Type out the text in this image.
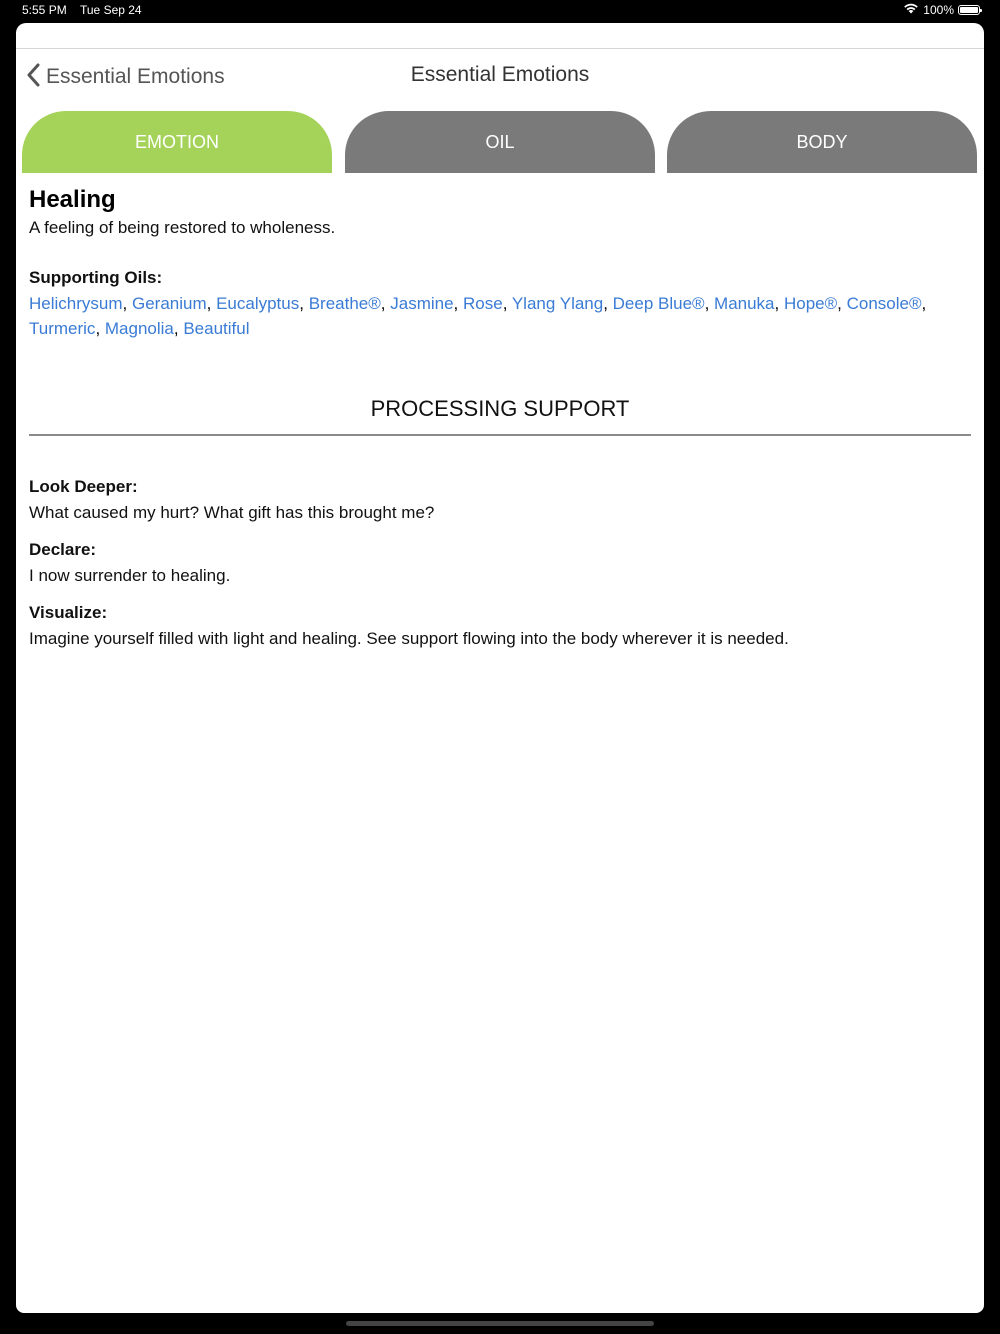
5:55 PM Tue Sep 24	100%
Essential Emotions	Essential Emotions
EMOTION	OIL	BODY
Healing
A feeling of being restored to wholeness.
Supporting Oils:
Helichrysum, Geranium, Eucalyptus, Breathe®, Jasmine, Rose, Ylang Ylang, Deep Blue®, Manuka, Hope®, Console®, Turmeric, Magnolia, Beautiful
PROCESSING SUPPORT
Look Deeper:
What caused my hurt? What gift has this brought me?
Declare:
I now surrender to healing.
Visualize:
Imagine yourself filled with light and healing. See support flowing into the body wherever it is needed.
